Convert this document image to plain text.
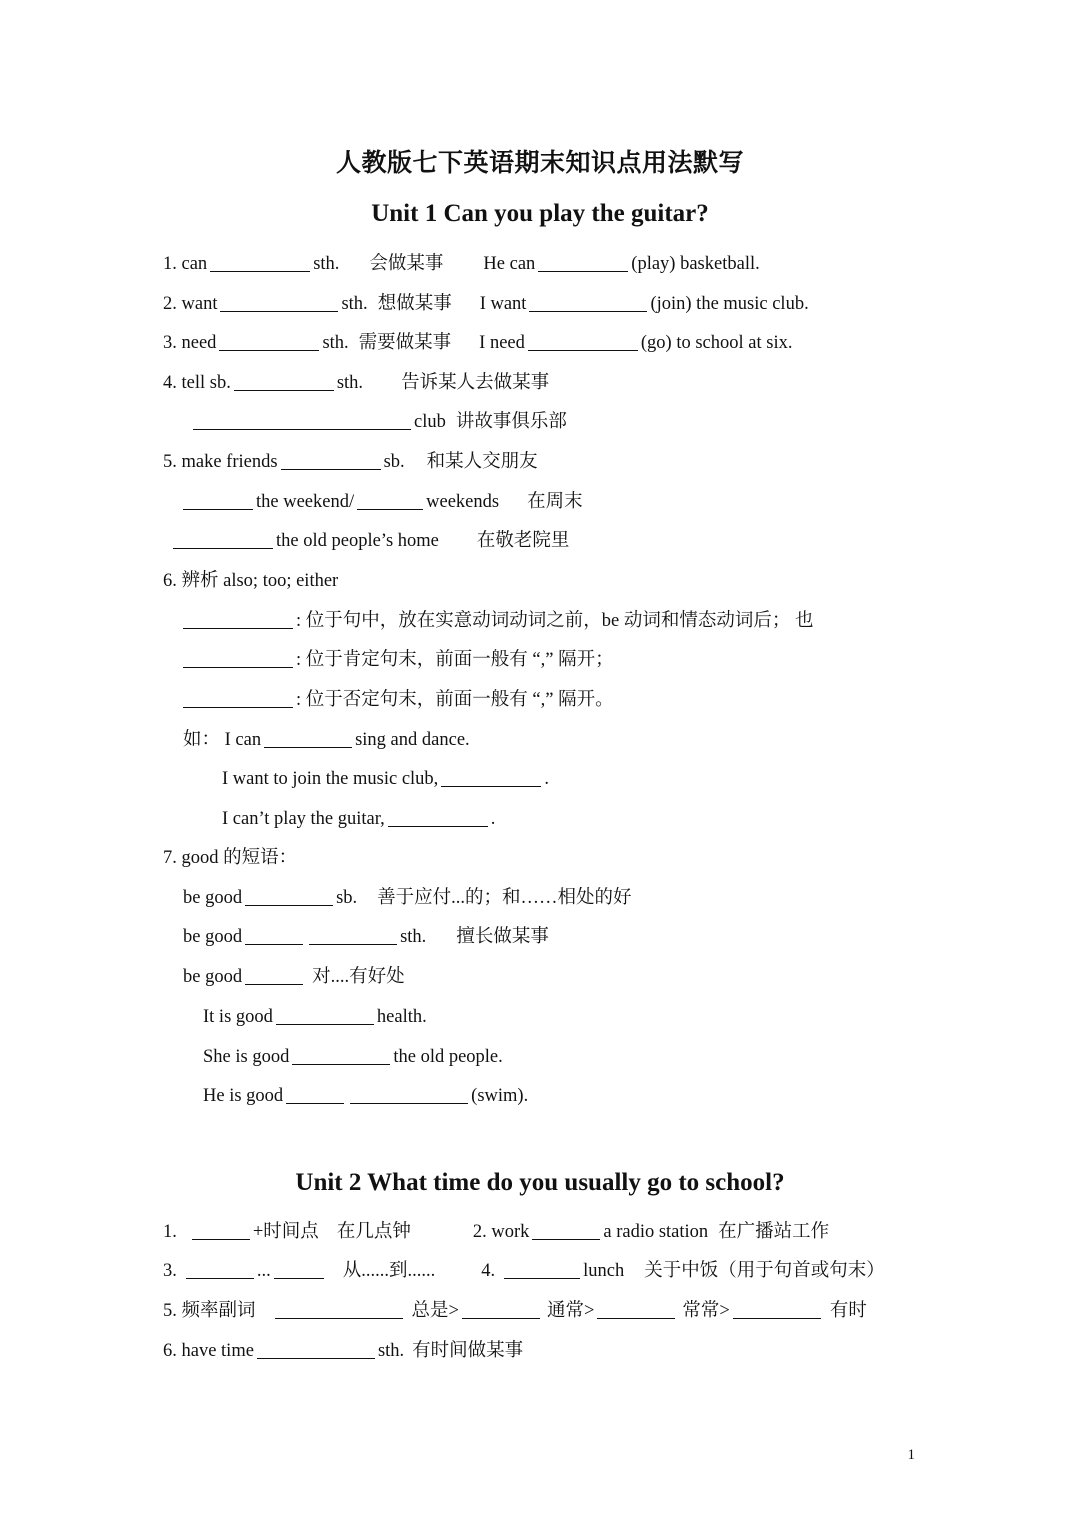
人教版七下英语期末知识点用法默写
Unit 1 Can you play the guitar?
1. can	sth. 会做某事 He can	(play) basketball.
2. want	sth. 想做某事 I want	(join) the music club.
3. need	sth. 需要做某事 I need	(go) to school at six.
4. tell sb.	sth. 告诉某人去做某事
club 讲故事俱乐部
5. make friends	sb. 和某人交朋友
the weekend/	weekends 在周末
the old people’s home 在敬老院里
6. 辨析 also; too; either
: 位于句中，放在实意动词动词之前，be 动词和情态动词后； 也
: 位于肯定句末，前面一般有 “,” 隔开；
: 位于否定句末，前面一般有 “,” 隔开。
如： I can	sing and dance.
I want to join the music club,	.
I can’t play the guitar,	.
7. good 的短语：
be good	sb. 善于应付...的；和……相处的好
be good	sth. 擅长做某事
be good	对....有好处
It is good	health.
She is good	the old people.
He is good	(swim).
Unit 2 What time do you usually go to school?
1.	+时间点 在几点钟	2. work	a radio station 在广播站工作
3.	...	从......到...... 4.	lunch 关于中饭（用于句首或句末）
5. 频率副词	总是>	通常>	常常>	有时
6. have time	sth. 有时间做某事
1
